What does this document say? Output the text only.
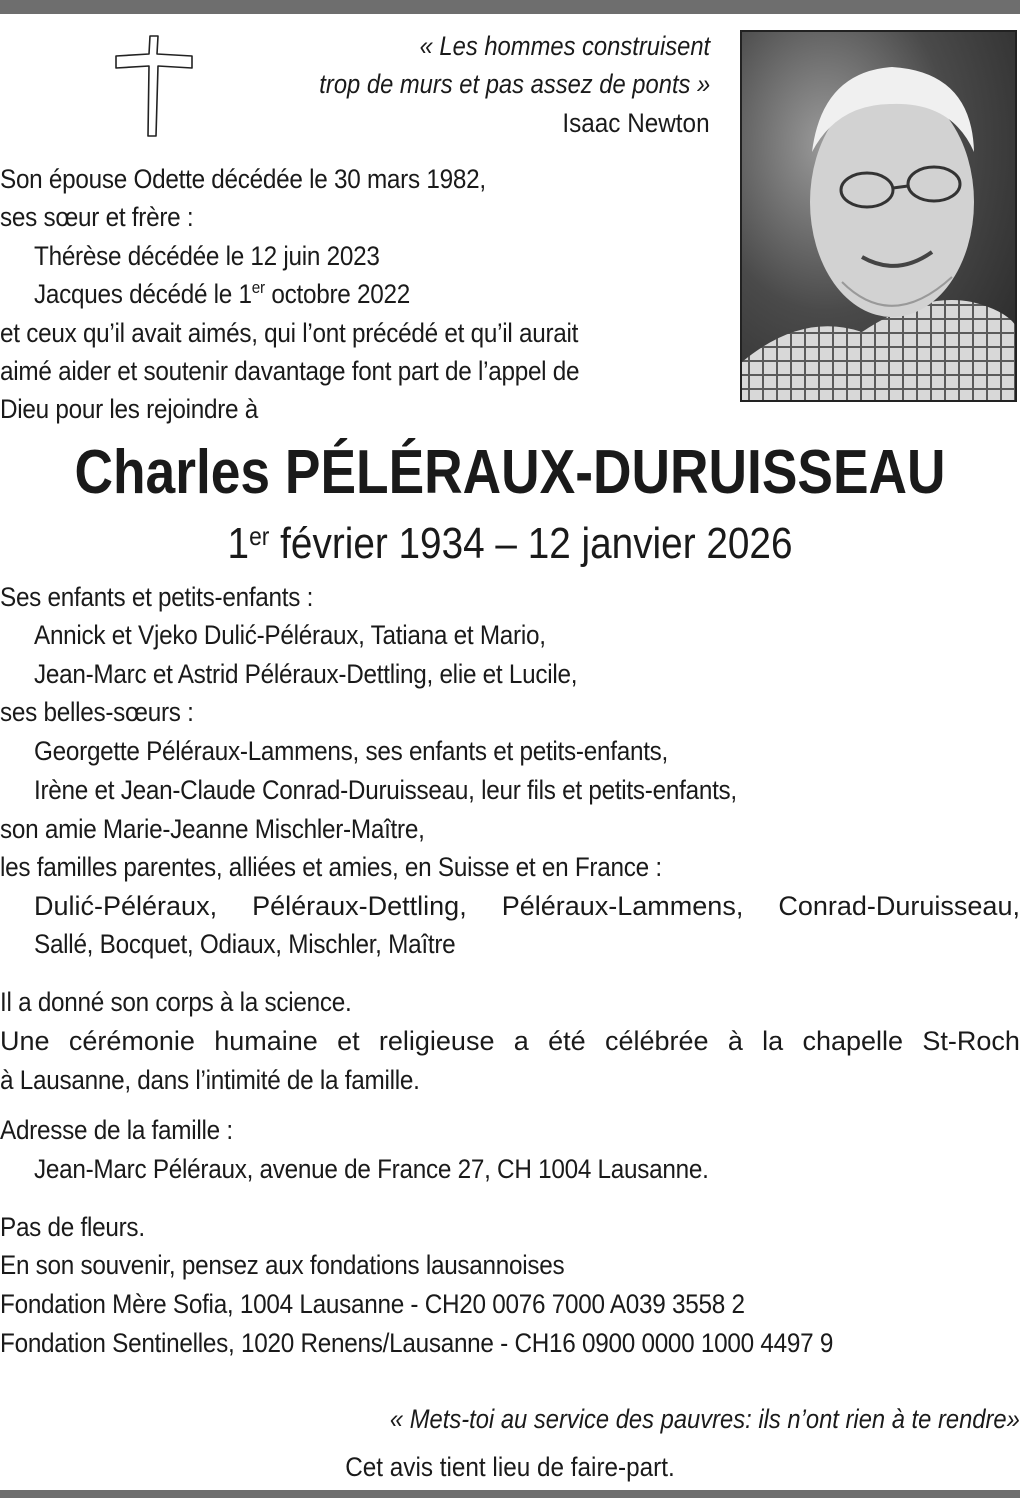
« Les hommes construisent
trop de murs et pas assez de ponts »
Isaac Newton
Son épouse Odette décédée le 30 mars 1982,
ses sœur et frère :
Thérèse décédée le 12 juin 2023
Jacques décédé le 1er octobre 2022
et ceux qu’il avait aimés, qui l’ont précédé et qu’il aurait
aimé aider et soutenir davantage font part de l’appel de
Dieu pour les rejoindre à
Charles PÉLÉRAUX-DURUISSEAU
1er février 1934 – 12 janvier 2026
Ses enfants et petits-enfants :
Annick et Vjeko Dulić-Péléraux, Tatiana et Mario,
Jean-Marc et Astrid Péléraux-Dettling, elie et Lucile,
ses belles-sœurs :
Georgette Péléraux-Lammens, ses enfants et petits-enfants,
Irène et Jean-Claude Conrad-Duruisseau, leur fils et petits-enfants,
son amie Marie-Jeanne Mischler-Maître,
les familles parentes, alliées et amies, en Suisse et en France :
Dulić-Péléraux, Péléraux-Dettling, Péléraux-Lammens, Conrad-Duruisseau,
Sallé, Bocquet, Odiaux, Mischler, Maître
Il a donné son corps à la science.
Une cérémonie humaine et religieuse a été célébrée à la chapelle St-Roch
à Lausanne, dans l’intimité de la famille.
Adresse de la famille :
Jean-Marc Péléraux, avenue de France 27, CH 1004 Lausanne.
Pas de fleurs.
En son souvenir, pensez aux fondations lausannoises
Fondation Mère Sofia, 1004 Lausanne - CH20 0076 7000 A039 3558 2
Fondation Sentinelles, 1020 Renens/Lausanne - CH16 0900 0000 1000 4497 9
« Mets-toi au service des pauvres: ils n’ont rien à te rendre»
Cet avis tient lieu de faire-part.
